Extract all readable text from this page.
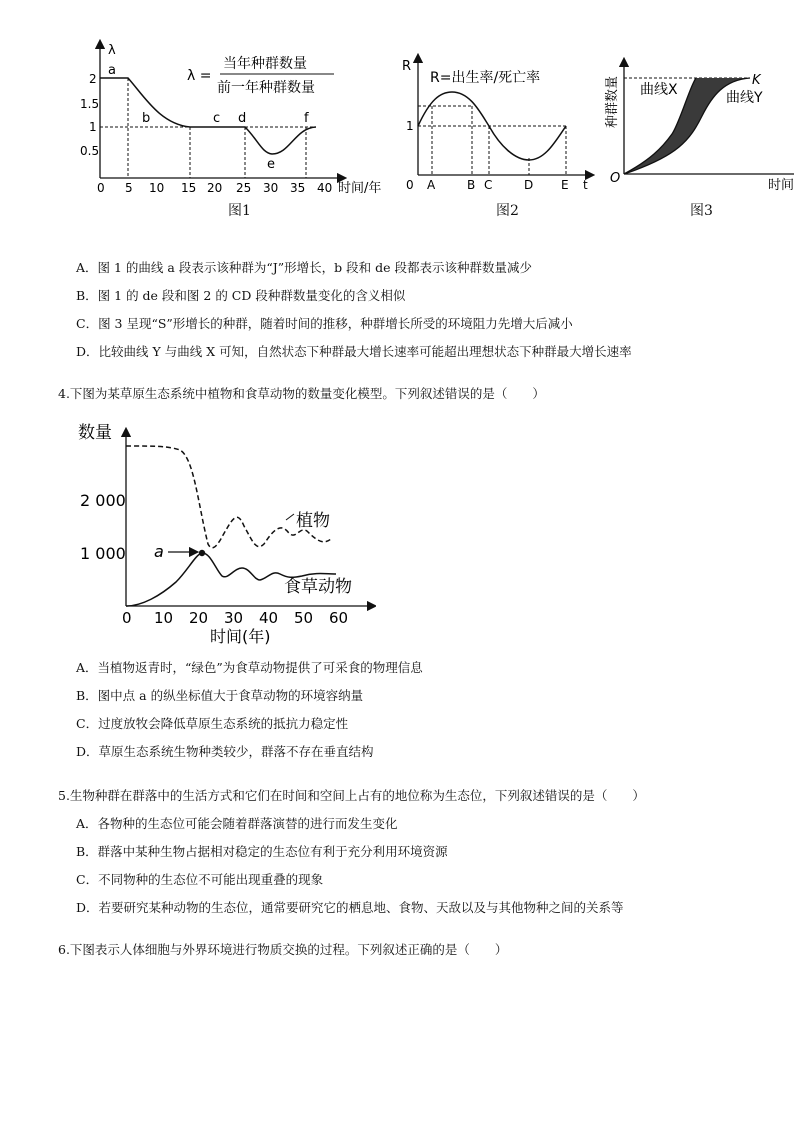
λ
2
1.5
1
0.5
0 5 10 15 20 25 30 35 40 时间/年
a
b	c d
e
f
λ =
当年种群数量
前一年种群数量
图1
R
R=出生率/死亡率
1
0 A	B C	D E t
图2
种群数量
O	时间
K
曲线X	曲线Y
图3
A．图 1 的曲线 a 段表示该种群为“J”形增长，b 段和 de 段都表示该种群数量减少
B．图 1 的 de 段和图 2 的 CD 段种群数量变化的含义相似
C．图 3 呈现“S”形增长的种群，随着时间的推移，种群增长所受的环境阻力先增大后减小
D．比较曲线 Y 与曲线 X 可知，自然状态下种群最大增长速率可能超出理想状态下种群最大增长速率
4.下图为某草原生态系统中植物和食草动物的数量变化模型。下列叙述错误的是（　　）
数量
2 000
1 000 a
植物
食草动物
0 10 20 30 40 50 60
时间(年)
A．当植物返青时，“绿色”为食草动物提供了可采食的物理信息
B．图中点 a 的纵坐标值大于食草动物的环境容纳量
C．过度放牧会降低草原生态系统的抵抗力稳定性
D．草原生态系统生物种类较少，群落不存在垂直结构
5.生物种群在群落中的生活方式和它们在时间和空间上占有的地位称为生态位，下列叙述错误的是（　　）
A．各物种的生态位可能会随着群落演替的进行而发生变化
B．群落中某种生物占据相对稳定的生态位有利于充分利用环境资源
C．不同物种的生态位不可能出现重叠的现象
D．若要研究某种动物的生态位，通常要研究它的栖息地、食物、天敌以及与其他物种之间的关系等
6.下图表示人体细胞与外界环境进行物质交换的过程。下列叙述正确的是（　　）
